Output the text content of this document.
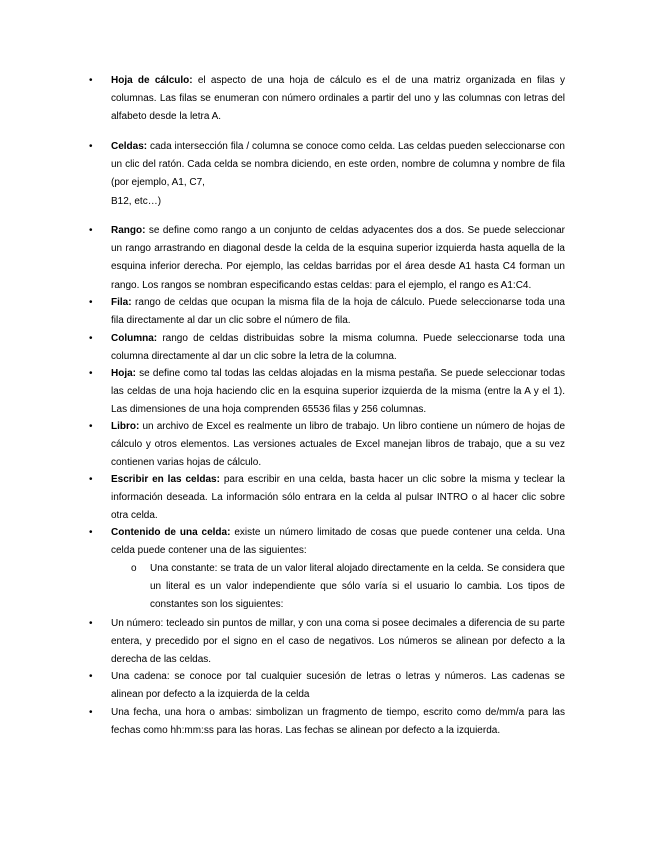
• Hoja de cálculo: el aspecto de una hoja de cálculo es el de una matriz organizada en filas y columnas. Las filas se enumeran con número ordinales a partir del uno y las columnas con letras del alfabeto desde la letra A.
• Celdas: cada intersección fila / columna se conoce como celda. Las celdas pueden seleccionarse con un clic del ratón. Cada celda se nombra diciendo, en este orden, nombre de columna y nombre de fila (por ejemplo, A1, C7,
B12, etc…)
• Rango: se define como rango a un conjunto de celdas adyacentes dos a dos. Se puede seleccionar un rango arrastrando en diagonal desde la celda de la esquina superior izquierda hasta aquella de la esquina inferior derecha. Por ejemplo, las celdas barridas por el área desde A1 hasta C4 forman un rango. Los rangos se nombran especificando estas celdas: para el ejemplo, el rango es A1:C4.
• Fila: rango de celdas que ocupan la misma fila de la hoja de cálculo. Puede seleccionarse toda una fila directamente al dar un clic sobre el número de fila.
• Columna: rango de celdas distribuidas sobre la misma columna. Puede seleccionarse toda una columna directamente al dar un clic sobre la letra de la columna.
• Hoja: se define como tal todas las celdas alojadas en la misma pestaña. Se puede seleccionar todas las celdas de una hoja haciendo clic en la esquina superior izquierda de la misma (entre la A y el 1). Las dimensiones de una hoja comprenden 65536 filas y 256 columnas.
• Libro: un archivo de Excel es realmente un libro de trabajo. Un libro contiene un número de hojas de cálculo y otros elementos. Las versiones actuales de Excel manejan libros de trabajo, que a su vez contienen varias hojas de cálculo.
• Escribir en las celdas: para escribir en una celda, basta hacer un clic sobre la misma y teclear la información deseada. La información sólo entrara en la celda al pulsar INTRO o al hacer clic sobre otra celda.
• Contenido de una celda: existe un número limitado de cosas que puede contener una celda. Una celda puede contener una de las siguientes:
o Una constante: se trata de un valor literal alojado directamente en la celda. Se considera que un literal es un valor independiente que sólo varía si el usuario lo cambia. Los tipos de constantes son los siguientes:
• Un número: tecleado sin puntos de millar, y con una coma si posee decimales a diferencia de su parte entera, y precedido por el signo en el caso de negativos. Los números se alinean por defecto a la derecha de las celdas.
• Una cadena: se conoce por tal cualquier sucesión de letras o letras y números. Las cadenas se alinean por defecto a la izquierda de la celda
• Una fecha, una hora o ambas: simbolizan un fragmento de tiempo, escrito como de/mm/a para las fechas como hh:mm:ss para las horas. Las fechas se alinean por defecto a la izquierda.
